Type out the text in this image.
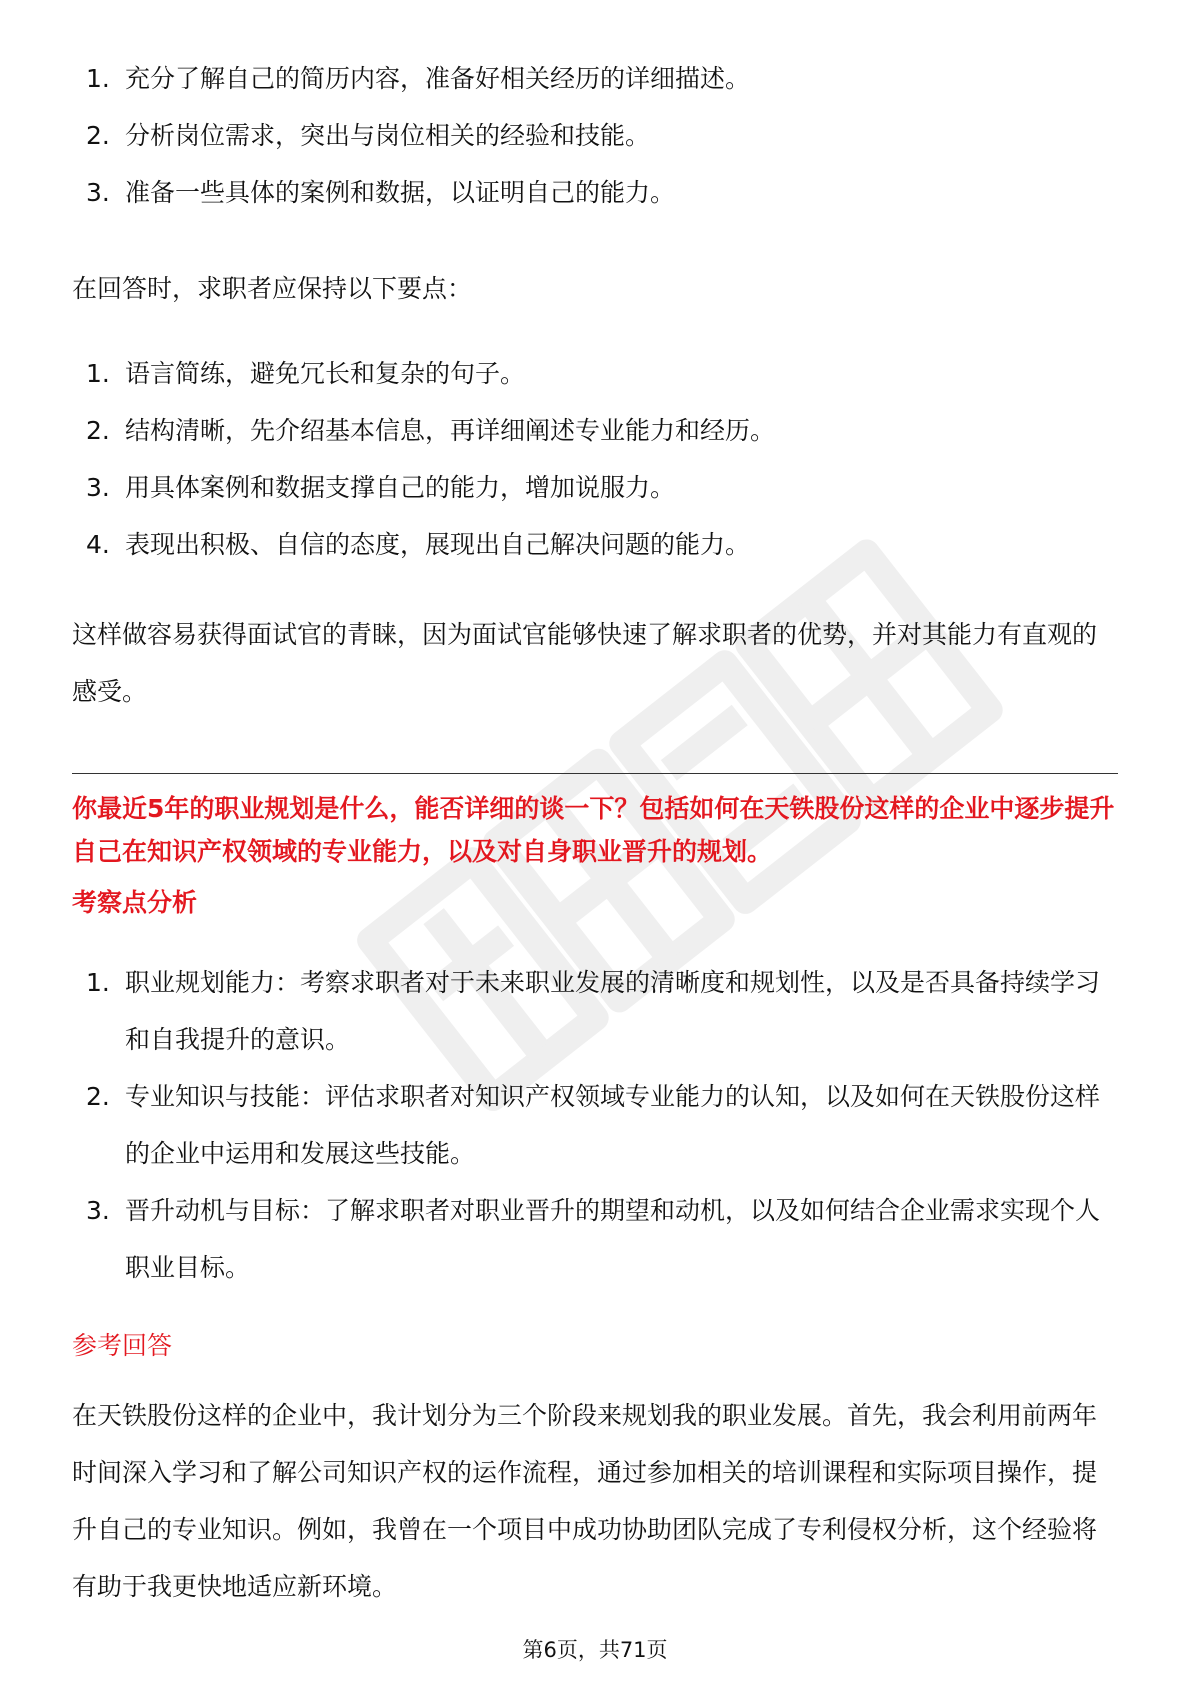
1. 充分了解自己的简历内容，准备好相关经历的详细描述。
2. 分析岗位需求，突出与岗位相关的经验和技能。
3. 准备一些具体的案例和数据，以证明自己的能力。

在回答时，求职者应保持以下要点：

1. 语言简练，避免冗长和复杂的句子。
2. 结构清晰，先介绍基本信息，再详细阐述专业能力和经历。
3. 用具体案例和数据支撑自己的能力，增加说服力。
4. 表现出积极、自信的态度，展现出自己解决问题的能力。

这样做容易获得面试官的青睐，因为面试官能够快速了解求职者的优势，并对其能力有直观的感受。

你最近5年的职业规划是什么，能否详细的谈一下？包括如何在天铁股份这样的企业中逐步提升自己在知识产权领域的专业能力，以及对自身职业晋升的规划。

考察点分析

1. 职业规划能力：考察求职者对于未来职业发展的清晰度和规划性，以及是否具备持续学习和自我提升的意识。
2. 专业知识与技能：评估求职者对知识产权领域专业能力的认知，以及如何在天铁股份这样的企业中运用和发展这些技能。
3. 晋升动机与目标：了解求职者对职业晋升的期望和动机，以及如何结合企业需求实现个人职业目标。

参考回答

在天铁股份这样的企业中，我计划分为三个阶段来规划我的职业发展。首先，我会利用前两年时间深入学习和了解公司知识产权的运作流程，通过参加相关的培训课程和实际项目操作，提升自己的专业知识。例如，我曾在一个项目中成功协助团队完成了专利侵权分析，这个经验将有助于我更快地适应新环境。

第6页，共71页
